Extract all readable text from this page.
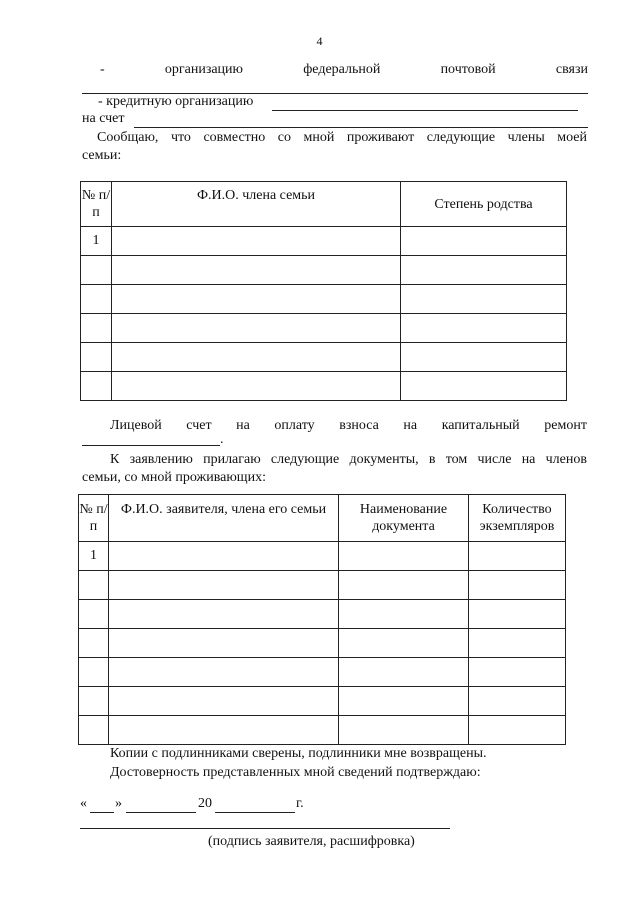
4
-	организацию	федеральной	почтовой	связи
- кредитную организацию
на счет
Сообщаю, что совместно со мной проживают следующие члены моей
семьи:
№ п/п	Ф.И.О. члена семьи	Степень родства
1		

Лицевой счет на оплату взноса на капитальный ремонт
.
К заявлению прилагаю следующие документы, в том числе на членов
семьи, со мной проживающих:
№ п/п	Ф.И.О. заявителя, члена его семьи	Наименование документа	Количество экземпляров
1			

Копии с подлинниками сверены, подлинники мне возвращены.
Достоверность представленных мной сведений подтверждаю:
« »	20	г.
(подпись заявителя, расшифровка)
